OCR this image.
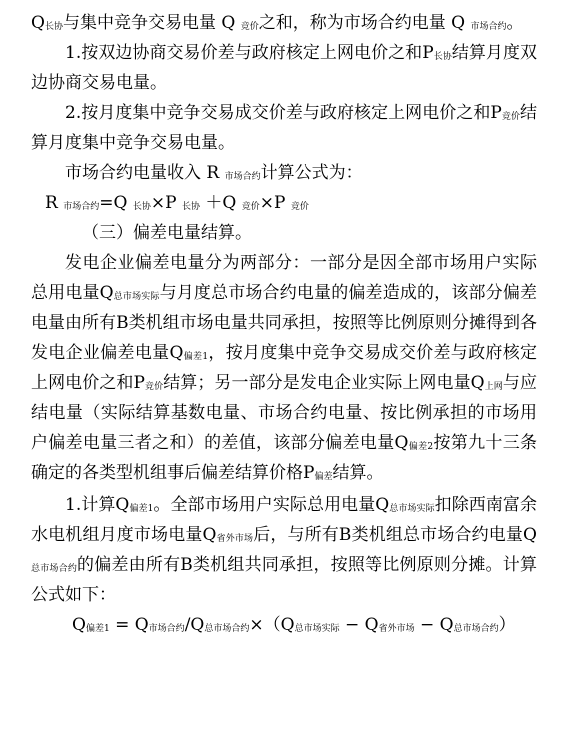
Q长协与集中竞争交易电量 Q 竞价之和，称为市场合约电量 Q 市场合约。

1.按双边协商交易价差与政府核定上网电价之和P长协结算月度双边协商交易电量。

2.按月度集中竞争交易成交价差与政府核定上网电价之和P竞价结算月度集中竞争交易电量。

市场合约电量收入 R 市场合约计算公式为：

R 市场合约=Q 长协×P 长协 ＋Q 竞价×P 竞价

（三）偏差电量结算。

发电企业偏差电量分为两部分：一部分是因全部市场用户实际总用电量Q总市场实际与月度总市场合约电量的偏差造成的，该部分偏差电量由所有B类机组市场电量共同承担，按照等比例原则分摊得到各发电企业偏差电量Q偏差1，按月度集中竞争交易成交价差与政府核定上网电价之和P竞价结算；另一部分是发电企业实际上网电量Q上网与应结电量（实际结算基数电量、市场合约电量、按比例承担的市场用户偏差电量三者之和）的差值，该部分偏差电量Q偏差2按第九十三条确定的各类型机组事后偏差结算价格P偏差结算。

1.计算Q偏差1。全部市场用户实际总用电量Q总市场实际扣除西南富余水电机组月度市场电量Q省外市场后，与所有B类机组总市场合约电量Q总市场合约的偏差由所有B类机组共同承担，按照等比例原则分摊。计算公式如下：

Q偏差1 = Q市场合约/Q总市场合约×（Q总市场实际 − Q省外市场 − Q总市场合约）
